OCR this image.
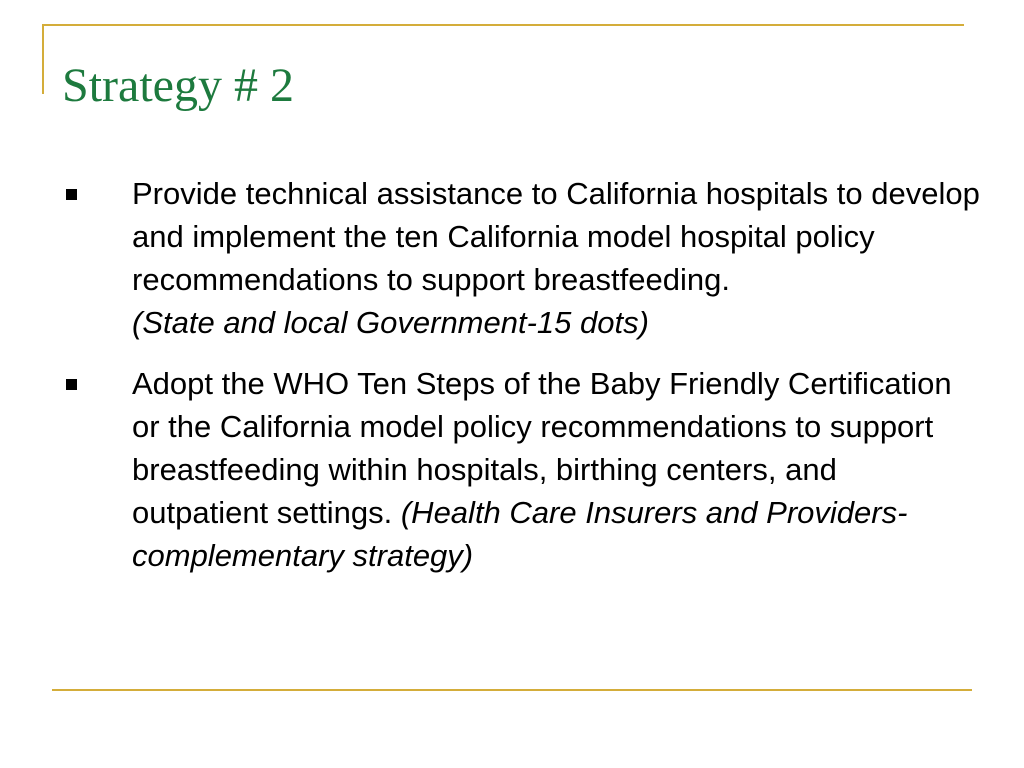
Strategy # 2
Provide technical assistance to California hospitals to develop and implement the ten California model hospital policy recommendations to support breastfeeding.
(State and local Government-15 dots)
Adopt the WHO Ten Steps of the Baby Friendly Certification or the California model policy recommendations to support breastfeeding within hospitals, birthing centers, and outpatient settings. (Health Care Insurers and Providers-complementary strategy)
